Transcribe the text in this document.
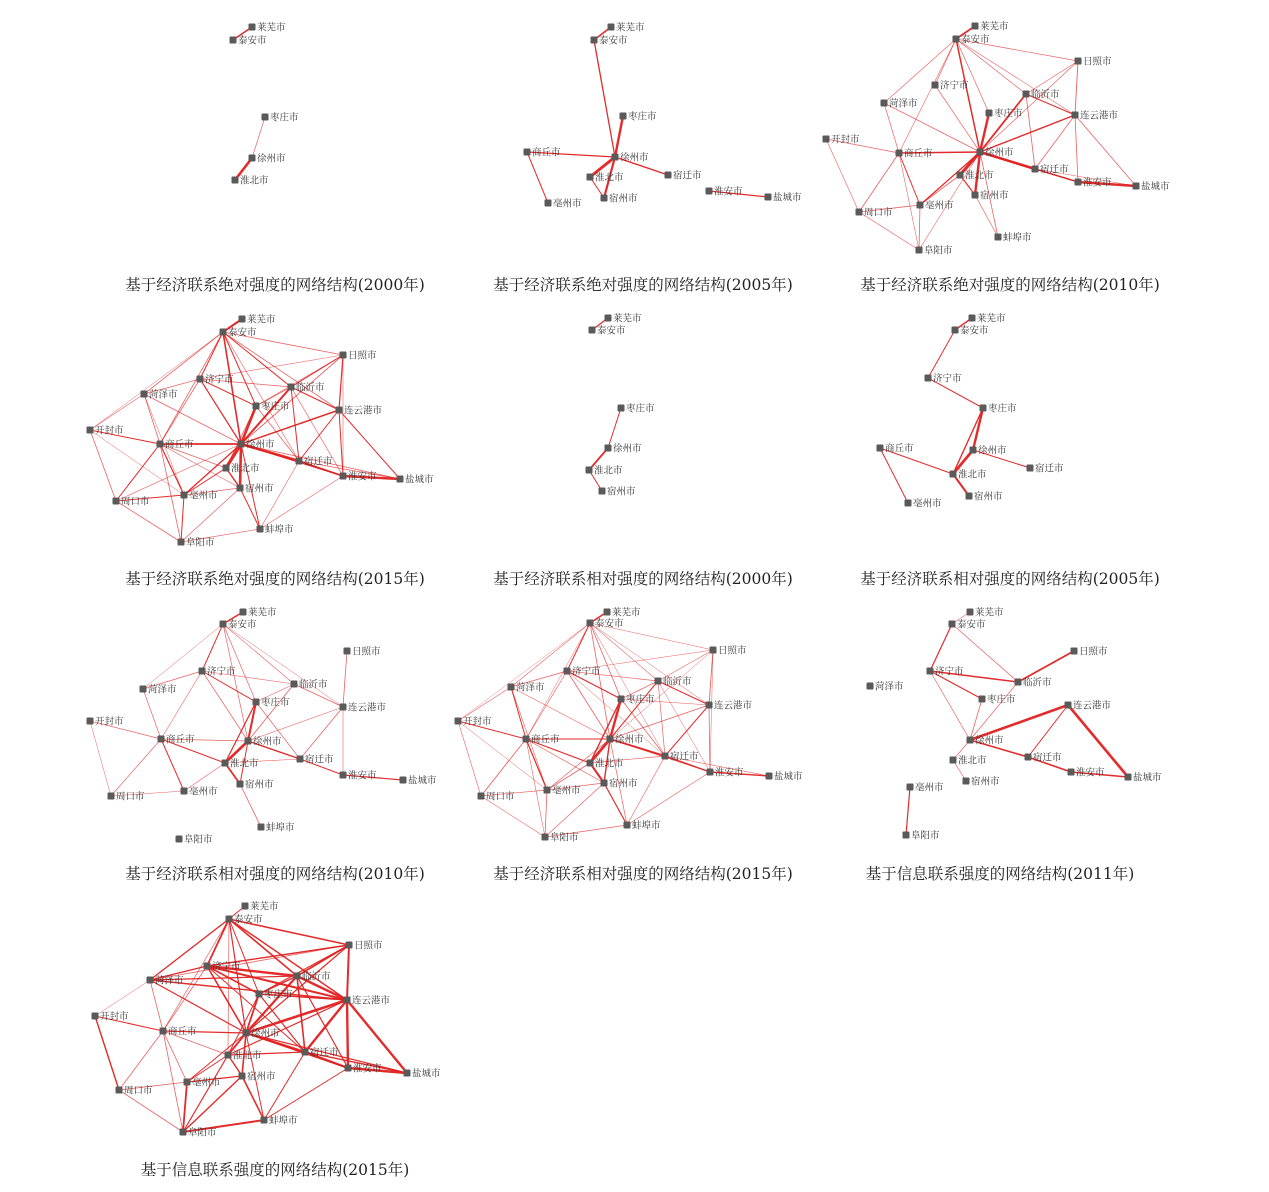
莱芜市
泰安市
枣庄市
徐州市
淮北市
基于经济联系绝对强度的网络结构(2000年)
莱芜市
泰安市
枣庄市
商丘市	徐州市
宿迁市
淮北市
宿州市
亳州市
淮安市
盐城市
基于经济联系绝对强度的网络结构(2005年)
莱芜市
泰安市
日照市
济宁市
临沂市
菏泽市
枣庄市	连云港市
开封市
商丘市	徐州市
宿迁市
淮北市
淮安市	盐城市
宿州市
亳州市
周口市
蚌埠市
阜阳市
基于经济联系绝对强度的网络结构(2010年)
莱芜市
泰安市
日照市
济宁市
临沂市
菏泽市
枣庄市	连云港市
开封市
商丘市	徐州市
宿迁市
淮北市
淮安市	盐城市
宿州市
亳州市
周口市
蚌埠市
阜阳市
基于经济联系绝对强度的网络结构(2015年)
莱芜市
泰安市
枣庄市
徐州市
淮北市
宿州市
基于经济联系相对强度的网络结构(2000年)
莱芜市
泰安市
济宁市
枣庄市
商丘市	徐州市
宿迁市
淮北市
宿州市
亳州市
基于经济联系相对强度的网络结构(2005年)
莱芜市
泰安市
日照市
济宁市
临沂市
菏泽市
枣庄市	连云港市
开封市
商丘市	徐州市
宿迁市
淮北市
淮安市	盐城市
宿州市
亳州市
周口市
蚌埠市
阜阳市
基于经济联系相对强度的网络结构(2010年)
莱芜市
泰安市
日照市
济宁市
临沂市
菏泽市
枣庄市
连云港市
开封市
商丘市	徐州市
宿迁市
淮北市
淮安市	盐城市
宿州市
亳州市
周口市
蚌埠市
阜阳市
基于经济联系相对强度的网络结构(2015年)
莱芜市
泰安市
日照市
济宁市
临沂市
菏泽市
枣庄市
连云港市
徐州市
宿迁市
淮北市
淮安市	盐城市
宿州市
亳州市
阜阳市
基于信息联系强度的网络结构(2011年)
莱芜市
泰安市
日照市
济宁市
临沂市
菏泽市
枣庄市
连云港市
开封市
商丘市	徐州市
宿迁市
淮北市
淮安市	盐城市
宿州市
亳州市
周口市
蚌埠市
阜阳市
基于信息联系强度的网络结构(2015年)
